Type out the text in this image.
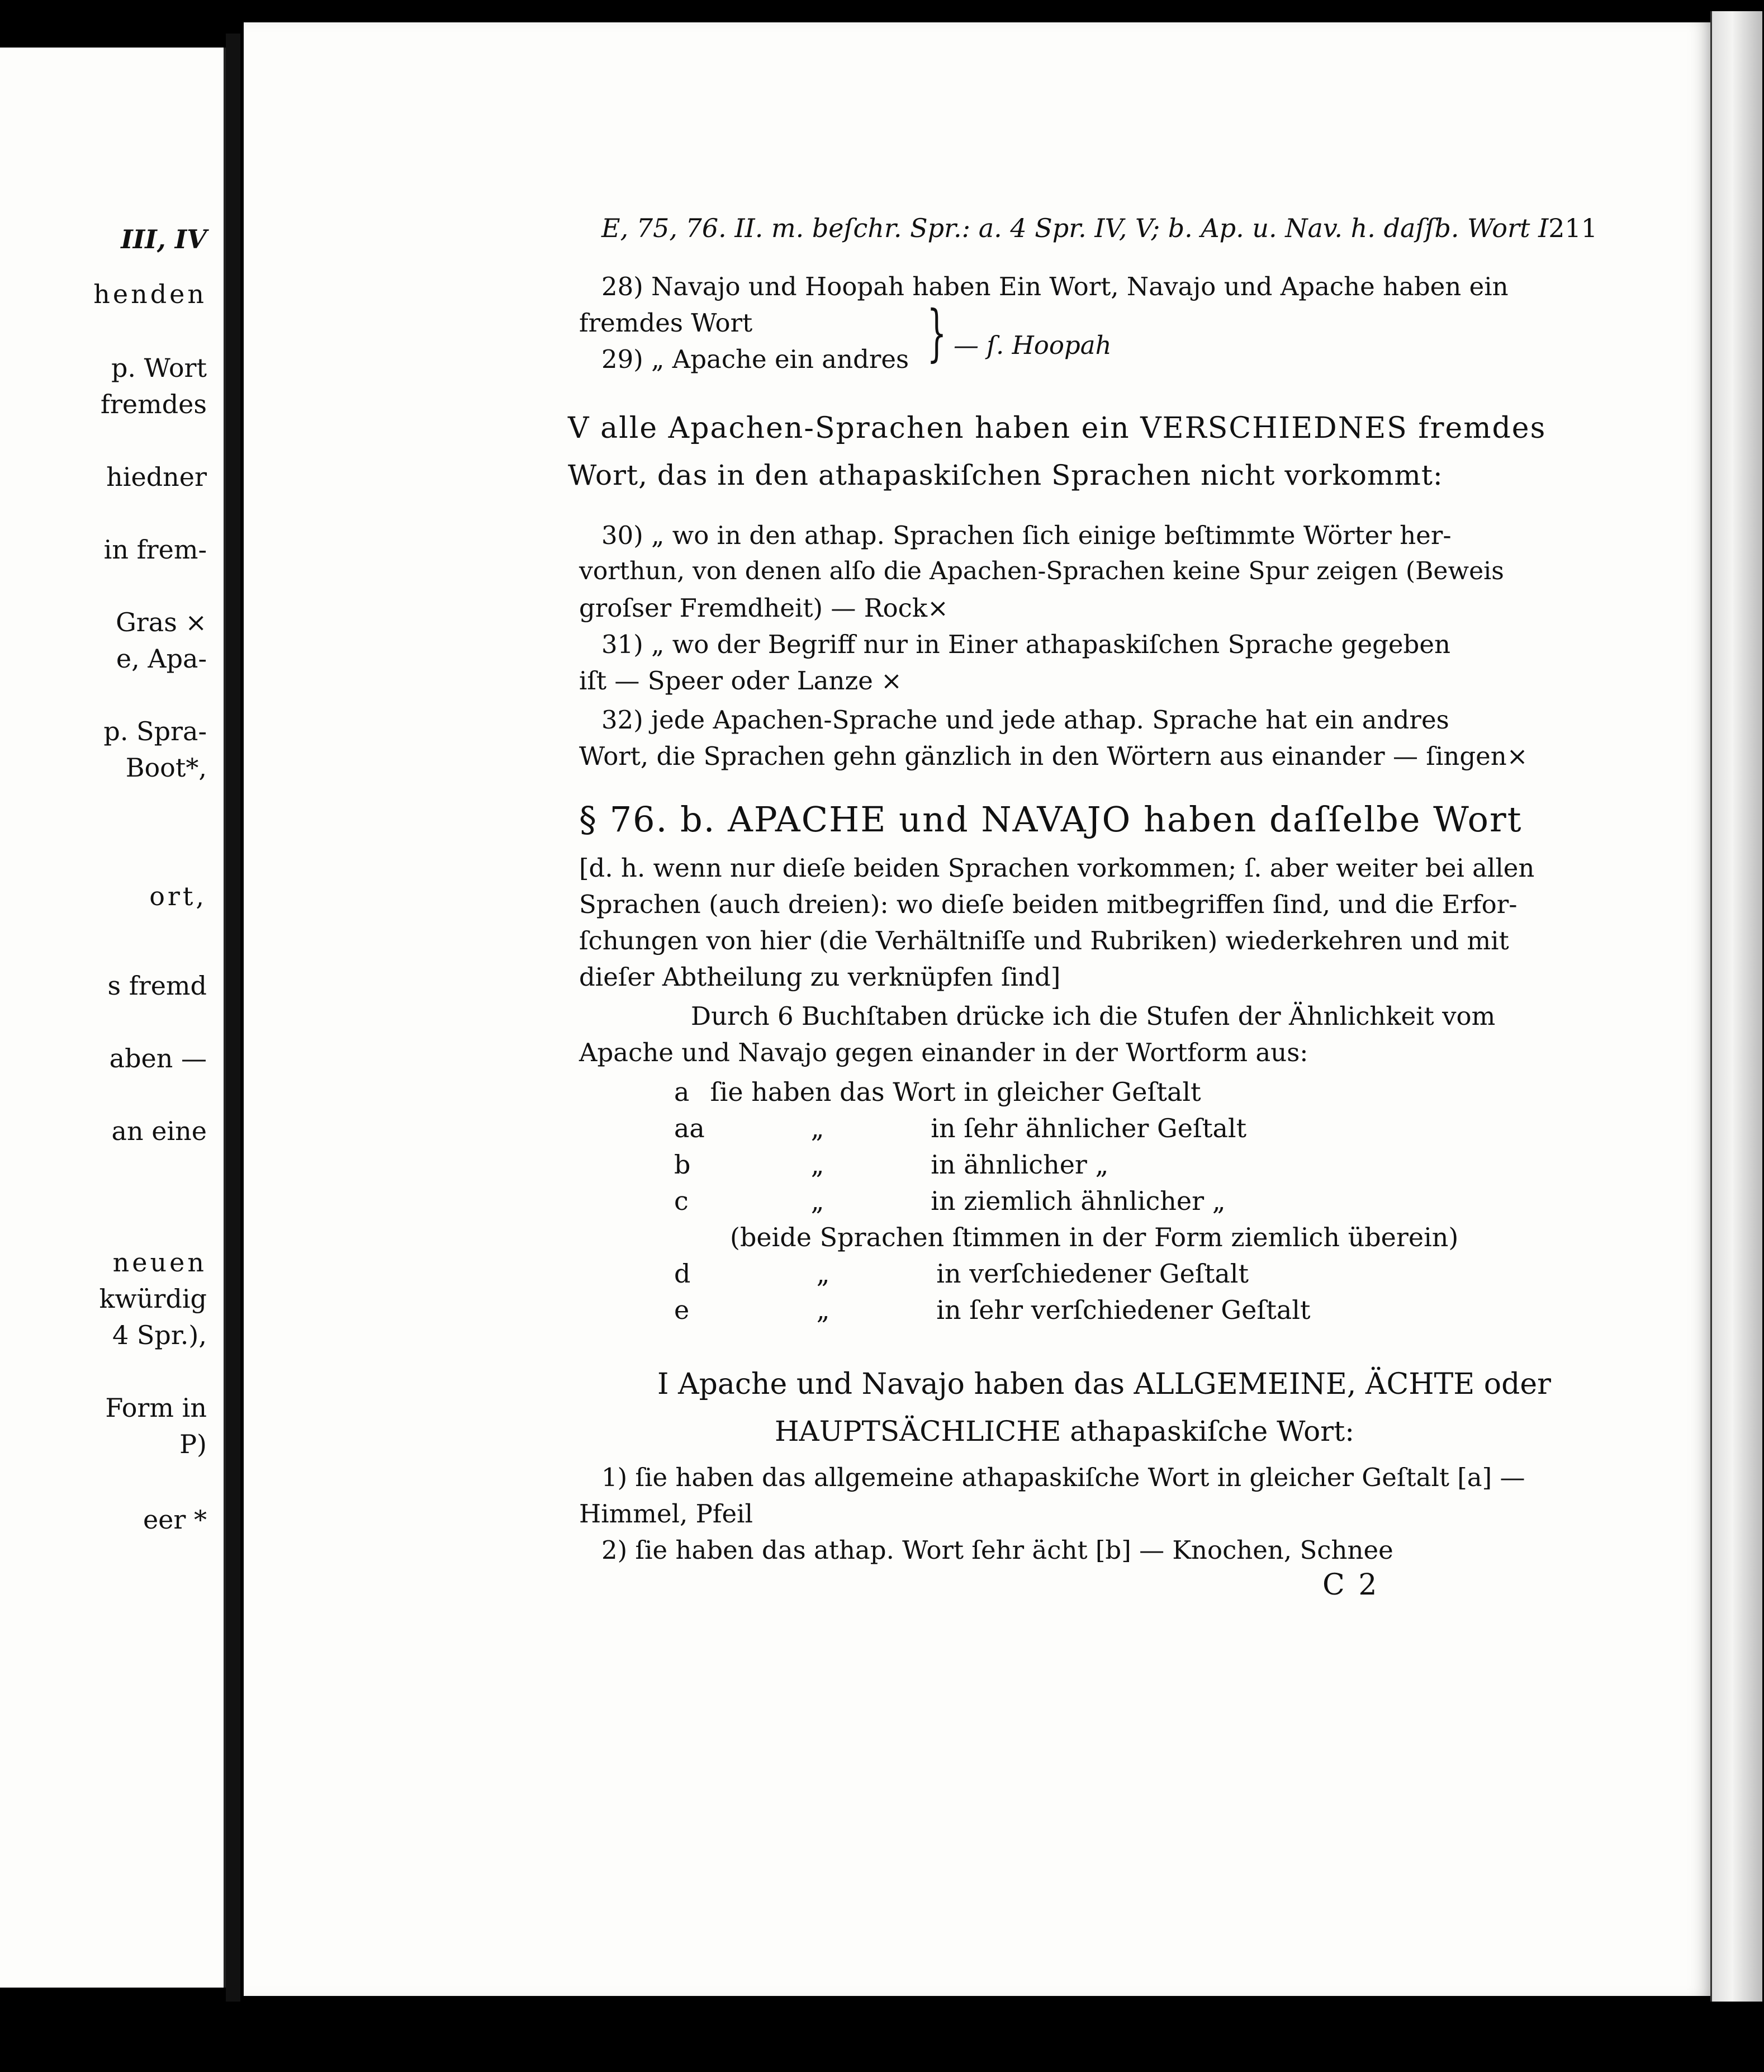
III, IV
henden
p. Wort
fremdes
hiedner
in frem-
Gras ×
e, Apa-
p. Spra-
Boot*,
ort,
s fremd
aben —
an eine
neuen
kwürdig
4 Spr.),
Form in
P)
eer *
E, 75, 76. II. m. beſchr. Spr.: a. 4 Spr. IV, V; b. Ap. u. Nav. h. daſſb. Wort I 211
28) Navajo und Hoopah haben Ein Wort, Navajo und Apache haben ein
fremdes Wort
29) „ Apache ein andres } — ſ. Hoopah
V alle Apachen-Sprachen haben ein VERSCHIEDNES fremdes
Wort, das in den athapaskiſchen Sprachen nicht vorkommt:
30) „ wo in den athap. Sprachen ſich einige beſtimmte Wörter her-
vorthun, von denen alſo die Apachen-Sprachen keine Spur zeigen (Beweis
groſser Fremdheit) — Rock×
31) „ wo der Begriff nur in Einer athapaskiſchen Sprache gegeben
iſt — Speer oder Lanze ×
32) jede Apachen-Sprache und jede athap. Sprache hat ein andres
Wort, die Sprachen gehn gänzlich in den Wörtern aus einander — ſingen×
§ 76. b. APACHE und NAVAJO haben daſſelbe Wort
[d. h. wenn nur dieſe beiden Sprachen vorkommen; ſ. aber weiter bei allen
Sprachen (auch dreien): wo dieſe beiden mitbegriffen ſind, und die Erfor-
ſchungen von hier (die Verhältniſſe und Rubriken) wiederkehren und mit
dieſer Abtheilung zu verknüpfen ſind]
Durch 6 Buchſtaben drücke ich die Stufen der Ähnlichkeit vom
Apache und Navajo gegen einander in der Wortform aus:
a ſie haben das Wort in gleicher Geſtalt
aa	„	in ſehr ähnlicher Geſtalt
b	„	in ähnlicher „
c	„	in ziemlich ähnlicher „
(beide Sprachen ſtimmen in der Form ziemlich überein)
d	„	in verſchiedener Geſtalt
e	„	in ſehr verſchiedener Geſtalt
I Apache und Navajo haben das ALLGEMEINE, ÄCHTE oder
HAUPTSÄCHLICHE athapaskiſche Wort:
1) ſie haben das allgemeine athapaskiſche Wort in gleicher Geſtalt [a] —
Himmel, Pfeil
2) ſie haben das athap. Wort ſehr ächt [b] — Knochen, Schnee
C 2
